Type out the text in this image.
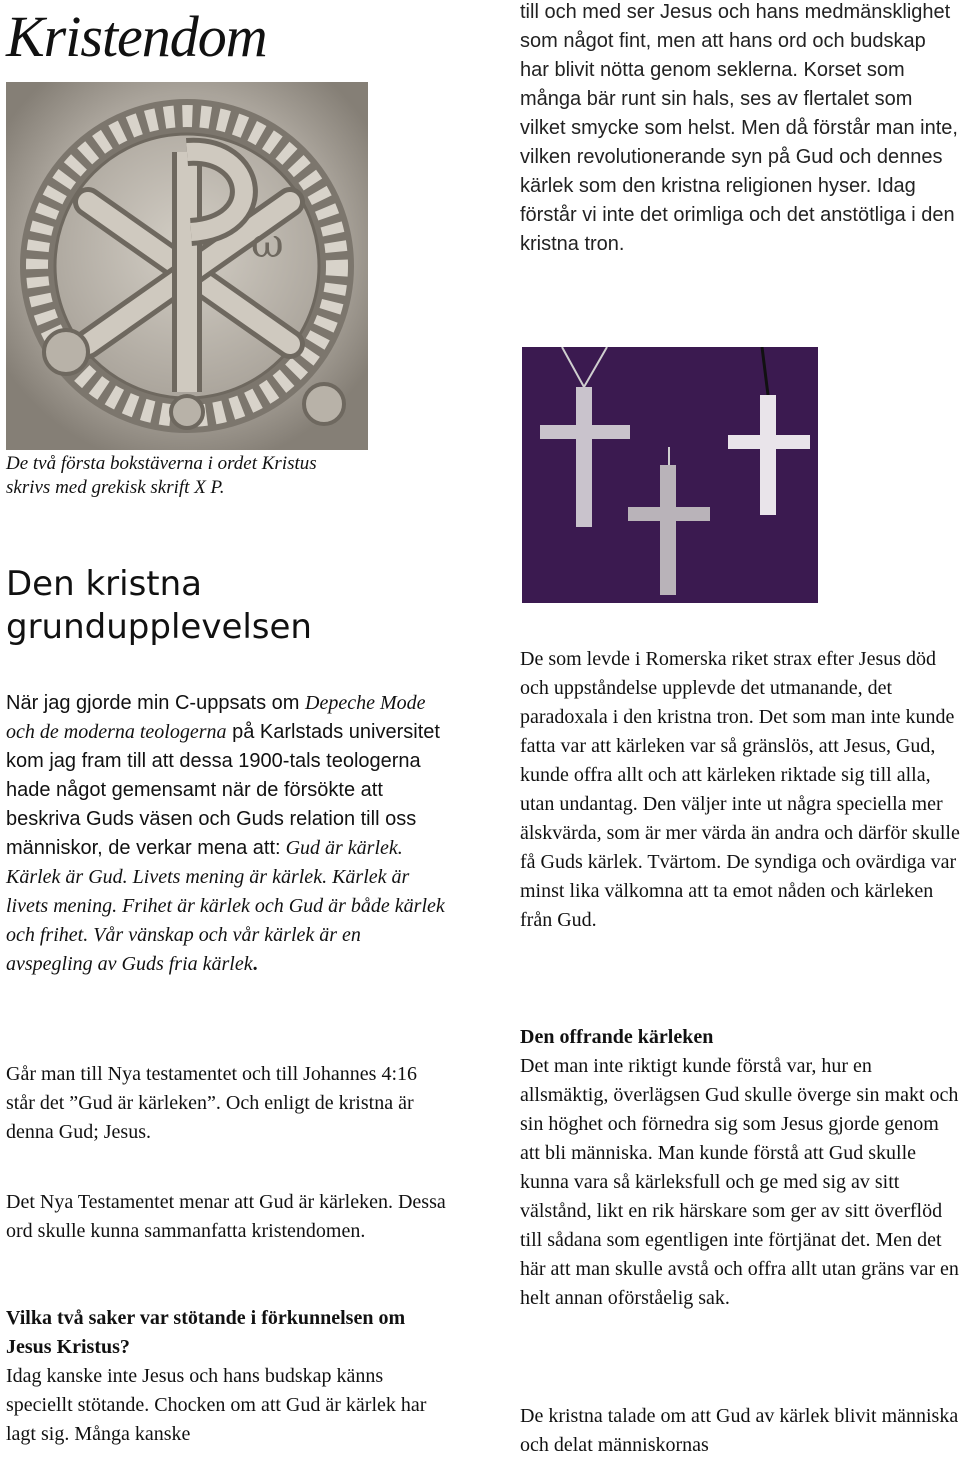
Kristendom
ω
De två första bokstäverna i ordet Kristus skrivs med grekisk skrift X P.
till och med ser Jesus och hans medmänsklighet som något fint, men att hans ord och budskap har blivit nötta genom seklerna. Korset som många bär runt sin hals, ses av flertalet som vilket smycke som helst. Men då förstår man inte, vilken revolutionerande syn på Gud och dennes kärlek som den kristna religionen hyser. Idag förstår vi inte det orimliga och det anstötliga i den kristna tron.
Den kristna grundupplevelsen
När jag gjorde min C-uppsats om Depeche Mode och de moderna teologerna på Karlstads universitet kom jag fram till att dessa 1900-tals teologerna hade något gemensamt när de försökte att beskriva Guds väsen och Guds relation till oss människor, de verkar mena att: Gud är kärlek. Kärlek är Gud. Livets mening är kärlek. Kärlek är livets mening. Frihet är kärlek och Gud är både kärlek och frihet. Vår vänskap och vår kärlek är en avspegling av Guds fria kärlek.
Går man till Nya testamentet och till Johannes 4:16 står det ”Gud är kärleken”. Och enligt de kristna är denna Gud; Jesus.
Det Nya Testamentet menar att Gud är kärleken. Dessa ord skulle kunna sammanfatta kristendomen.
Vilka två saker var stötande i förkunnelsen om Jesus Kristus?
Idag kanske inte Jesus och hans budskap känns speciellt stötande. Chocken om att Gud är kärlek har lagt sig. Många kanske
De som levde i Romerska riket strax efter Jesus död och uppståndelse upplevde det utmanande, det paradoxala i den kristna tron. Det som man inte kunde fatta var att kärleken var så gränslös, att Jesus, Gud, kunde offra allt och att kärleken riktade sig till alla, utan undantag. Den väljer inte ut några speciella mer älskvärda, som är mer värda än andra och därför skulle få Guds kärlek. Tvärtom. De syndiga och ovärdiga var minst lika välkomna att ta emot nåden och kärleken från Gud.
Den offrande kärleken
Det man inte riktigt kunde förstå var, hur en allsmäktig, överlägsen Gud skulle överge sin makt och sin höghet och förnedra sig som Jesus gjorde genom att bli människa. Man kunde förstå att Gud skulle kunna vara så kärleksfull och ge med sig av sitt välstånd, likt en rik härskare som ger av sitt överflöd till sådana som egentligen inte förtjänat det. Men det här att man skulle avstå och offra allt utan gräns var en helt annan oförståelig sak.
De kristna talade om att Gud av kärlek blivit människa och delat människornas
